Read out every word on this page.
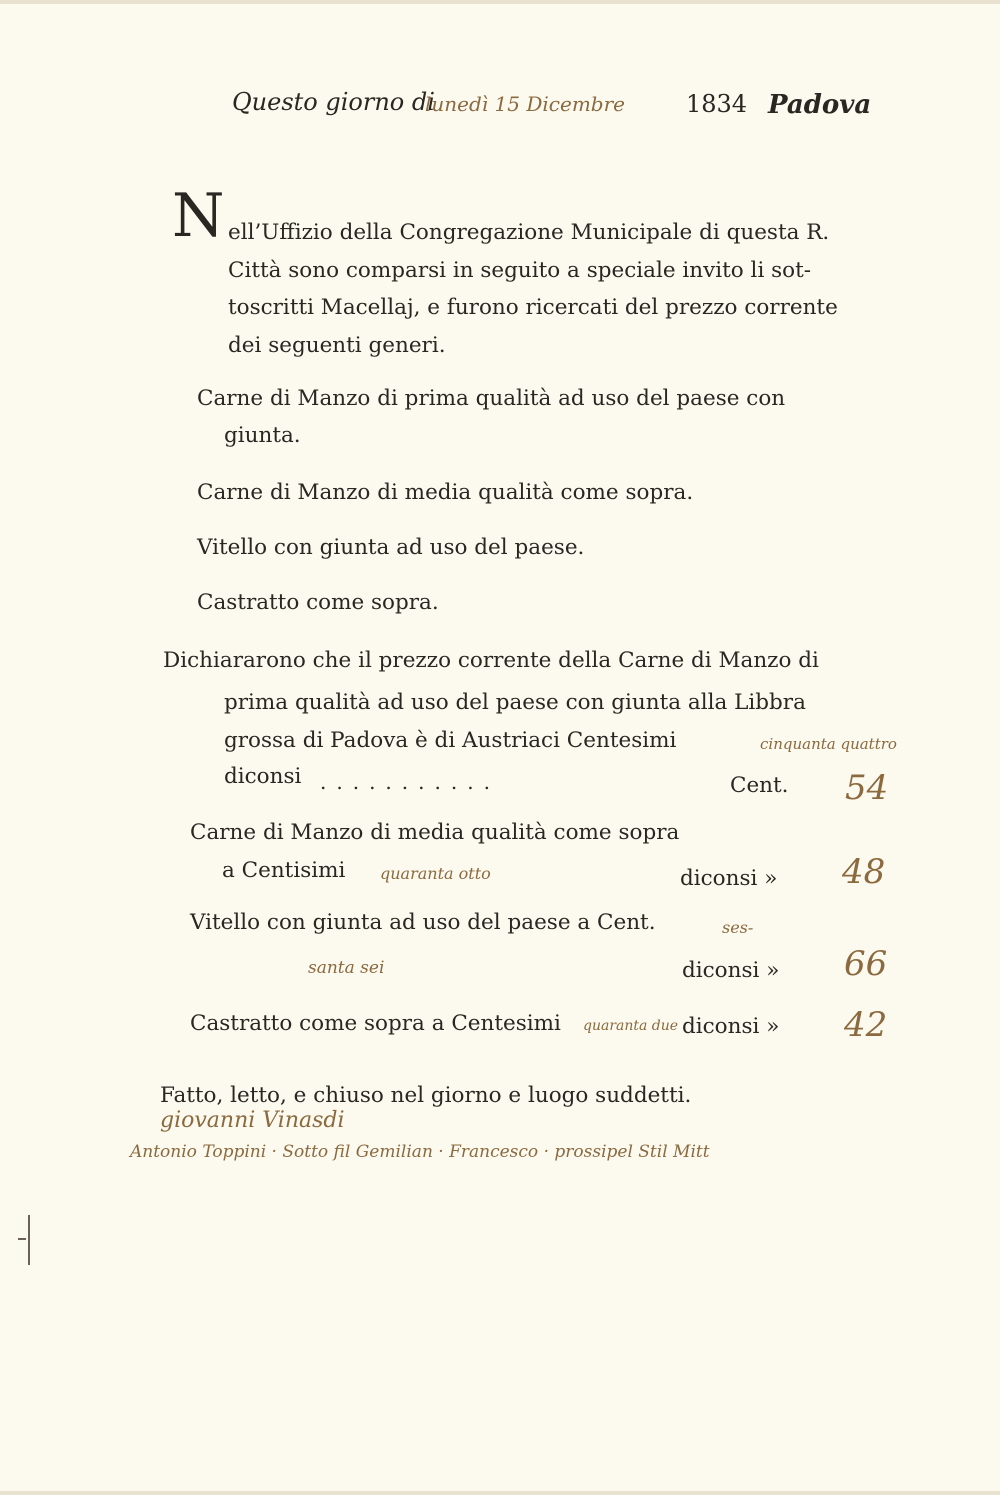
Questo giorno di
lunedì 15 Dicembre	1834 Padova
N ell’Uffizio della Congregazione Municipale di questa R.
Città sono comparsi in seguito a speciale invito li sot-
toscritti Macellaj, e furono ricercati del prezzo corrente
dei seguenti generi.
Carne di Manzo di prima qualità ad uso del paese con
giunta.
Carne di Manzo di media qualità come sopra.
Vitello con giunta ad uso del paese.
Castratto come sopra.
Dichiararono che il prezzo corrente della Carne di Manzo di
prima qualità ad uso del paese con giunta alla Libbra
grossa di Padova è di Austriaci Centesimi	cinquanta quattro
diconsi ...........	Cent. 54
Carne di Manzo di media qualità come sopra
a Centisimi quaranta otto	diconsi » 48
Vitello con giunta ad uso del paese a Cent.	ses-
santa sei	diconsi » 66
Castratto come sopra a Centesimi quaranta due diconsi » 42
Fatto, letto, e chiuso nel giorno e luogo suddetti.
giovanni Vinasdi
Antonio Toppini · Sotto fil Gemilian · Francesco · prossipel Stil Mitt
